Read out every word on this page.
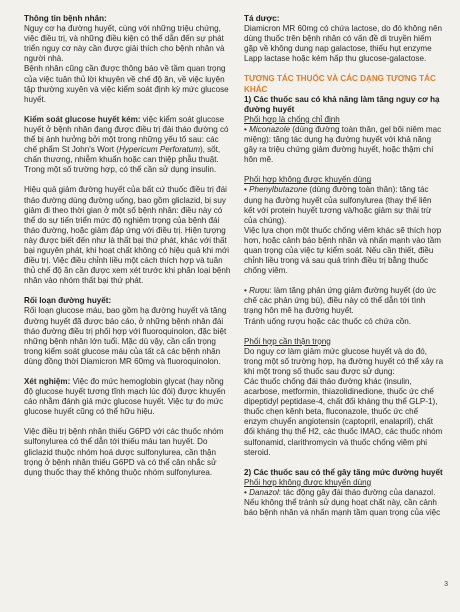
Thông tin bệnh nhân:

Nguy cơ hạ đường huyết, cùng với những triệu chứng, việc điều trị, và những điều kiện có thể dẫn đến sự phát triển nguy cơ này cần được giải thích cho bệnh nhân và người nhà.

Bệnh nhân cũng cần được thông báo về tầm quan trọng của việc tuân thủ lời khuyên về chế độ ăn, về việc luyện tập thường xuyên và việc kiểm soát định kỳ mức glucose huyết.

Kiểm soát glucose huyết kém: việc kiểm soát glucose huyết ở bệnh nhân đang được điều trị đái tháo đường có thể bị ảnh hưởng bởi một trong những yếu tố sau: các chế phẩm St John's Wort (Hypericum Perforatum), sốt, chấn thương, nhiễm khuẩn hoặc can thiệp phẫu thuật. Trong một số trường hợp, có thể cần sử dụng insulin.

Hiệu quả giảm đường huyết của bất cứ thuốc điều trị đái tháo đường dùng đường uống, bao gồm gliclazid, bị suy giảm đi theo thời gian ở một số bệnh nhân: điều này có thể do sự tiến triển mức độ nghiêm trọng của bệnh đái tháo đường, hoặc giảm đáp ứng với điều trị. Hiện tượng này được biết đến như là thất bại thứ phát, khác với thất bại nguyên phát, khi hoạt chất không có hiệu quả khi mới điều trị. Việc điều chỉnh liều một cách thích hợp và tuân thủ chế độ ăn cần được xem xét trước khi phân loại bệnh nhân vào nhóm thất bại thứ phát.

Rối loạn đường huyết:

Rối loạn glucose máu, bao gồm hạ đường huyết và tăng đường huyết đã được báo cáo, ở những bệnh nhân đái tháo đường điều trị phối hợp với fluoroquinolon, đặc biệt những bệnh nhân lớn tuổi. Mặc dù vậy, cần cẩn trọng trong kiểm soát glucose máu của tất cả các bệnh nhân dùng đồng thời Diamicron MR 60mg và fluoroquinolon.

Xét nghiệm: Việc đo mức hemoglobin glycat (hay nồng độ glucose huyết tương tĩnh mạch lúc đói) được khuyến cáo nhằm đánh giá mức glucose huyết. Việc tự đo mức glucose huyết cũng có thể hữu hiệu.

Việc điều trị bệnh nhân thiếu G6PD với các thuốc nhóm sulfonylurea có thể dẫn tới thiếu máu tan huyết. Do gliclazid thuộc nhóm hoá dược sulfonylurea, cần thận trọng ở bệnh nhân thiếu G6PD và có thể cân nhắc sử dụng thuốc thay thế không thuộc nhóm sulfonylurea.

Tá dược:

Diamicron MR 60mg có chứa lactose, do đó không nên dùng thuốc trên bệnh nhân có vấn đề di truyền hiếm gặp về không dung nạp galactose, thiếu hụt enzyme Lapp lactase hoặc kém hấp thu glucose-galactose.

TƯƠNG TÁC THUỐC VÀ CÁC DẠNG TƯƠNG TÁC

KHÁC

1) Các thuốc sau có khả năng làm tăng nguy cơ hạ đường huyết

Phối hợp là chống chỉ định

• Miconazole (dùng đường toàn thân, gel bôi niêm mạc miệng): tăng tác dụng hạ đường huyết với khả năng gây ra triệu chứng giảm đường huyết, hoặc thậm chí hôn mê.

Phối hợp không được khuyến dùng

• Phenylbutazone (dùng đường toàn thân): tăng tác dụng hạ đường huyết của sulfonylurea (thay thế liên kết với protein huyết tương và/hoặc giảm sự thải trừ của chúng).

Việc lựa chọn một thuốc chống viêm khác sẽ thích hợp hơn, hoặc cảnh báo bệnh nhân và nhấn mạnh vào tầm quan trọng của việc tự kiểm soát. Nếu cần thiết, điều chỉnh liều trong và sau quá trình điều trị bằng thuốc chống viêm.

• Rượu: làm tăng phản ứng giảm đường huyết (do ức chế các phản ứng bù), điều này có thể dẫn tới tình trạng hôn mê hạ đường huyết.

Tránh uống rượu hoặc các thuốc có chứa cồn.

Phối hợp cần thận trọng

Do nguy cơ làm giảm mức glucose huyết và do đó, trong một số trường hợp, hạ đường huyết có thể xảy ra khi một trong số thuốc sau được sử dụng:

Các thuốc chống đái tháo đường khác (insulin, acarbose, metformin, thiazolidinedione, thuốc ức chế dipeptidyl peptidase-4, chất đối kháng thụ thể GLP-1), thuốc chẹn kênh beta, fluconazole, thuốc ức chế enzym chuyển angiotensin (captopril, enalapril), chất đối kháng thụ thể H2, các thuốc IMAO, các thuốc nhóm sulfonamid, clarithromycin và thuốc chống viêm phi steroid.

2) Các thuốc sau có thể gây tăng mức đường huyết

Phối hợp không được khuyến dùng

• Danazol: tác động gây đái tháo đường của danazol.

Nếu không thể tránh sử dụng hoạt chất này, cần cảnh báo bệnh nhân và nhấn mạnh tầm quan trọng của việc

3
